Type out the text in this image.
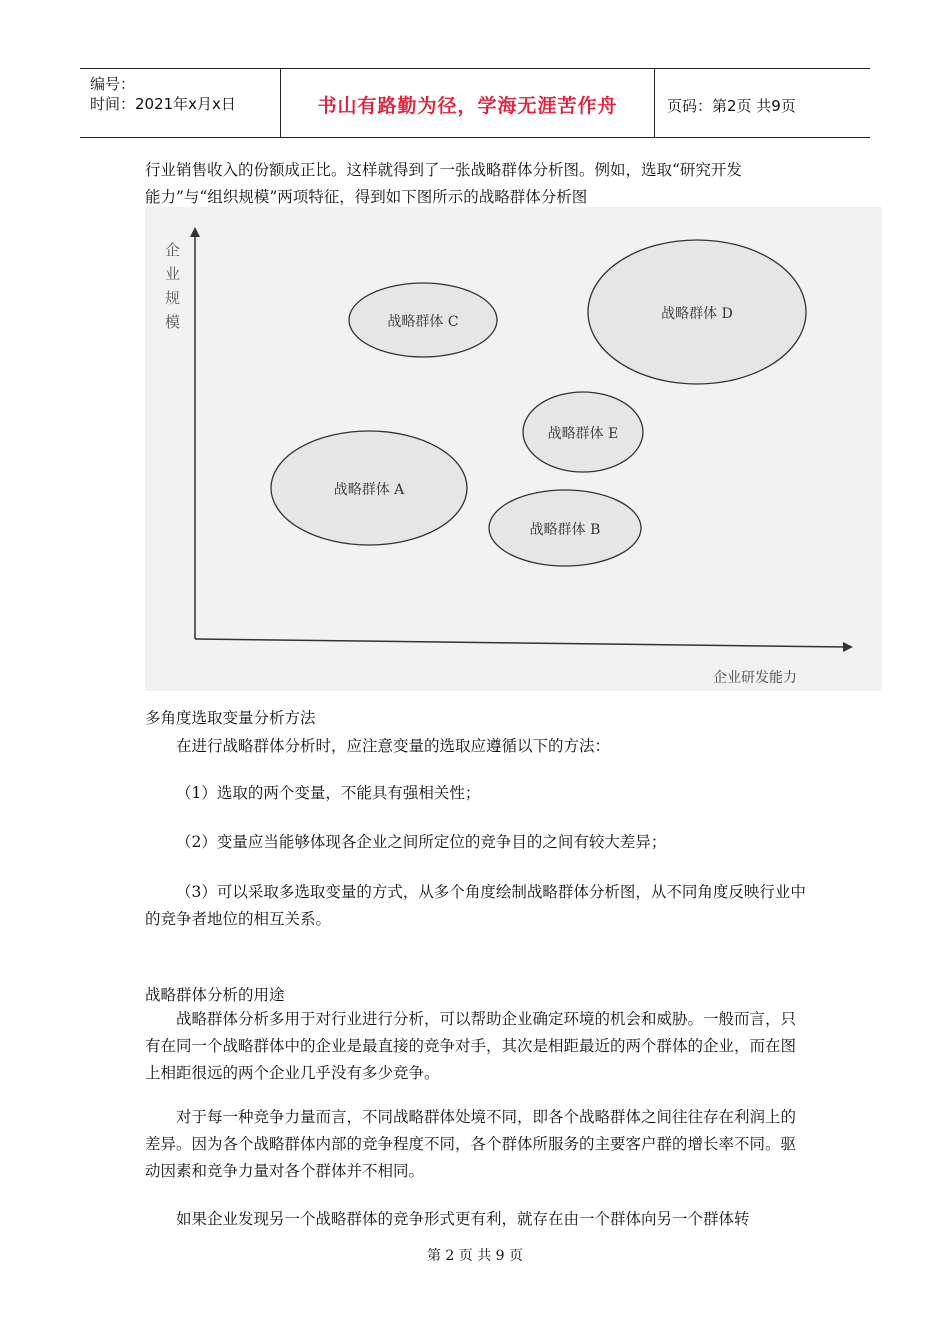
编号：
时间：2021年x月x日	书山有路勤为径，学海无涯苦作舟	页码：第2页 共9页
行业销售收入的份额成正比。这样就得到了一张战略群体分析图。例如，选取“研究开发
能力”与“组织规模”两项特征，得到如下图所示的战略群体分析图
企 业 规 模
企业研发能力
战略群体 C	战略群体 D
战略群体 E
战略群体 A
战略群体 B
多角度选取变量分析方法
在进行战略群体分析时，应注意变量的选取应遵循以下的方法：
（1）选取的两个变量，不能具有强相关性；
（2）变量应当能够体现各企业之间所定位的竞争目的之间有较大差异；
（3）可以采取多选取变量的方式，从多个角度绘制战略群体分析图，从不同角度反映行业中的竞争者地位的相互关系。
战略群体分析的用途
战略群体分析多用于对行业进行分析，可以帮助企业确定环境的机会和威胁。一般而言，只有在同一个战略群体中的企业是最直接的竞争对手，其次是相距最近的两个群体的企业，而在图上相距很远的两个企业几乎没有多少竞争。
对于每一种竞争力量而言，不同战略群体处境不同，即各个战略群体之间往往存在利润上的差异。因为各个战略群体内部的竞争程度不同，各个群体所服务的主要客户群的增长率不同。驱动因素和竞争力量对各个群体并不相同。
如果企业发现另一个战略群体的竞争形式更有利，就存在由一个群体向另一个群体转
第 2 页 共 9 页
